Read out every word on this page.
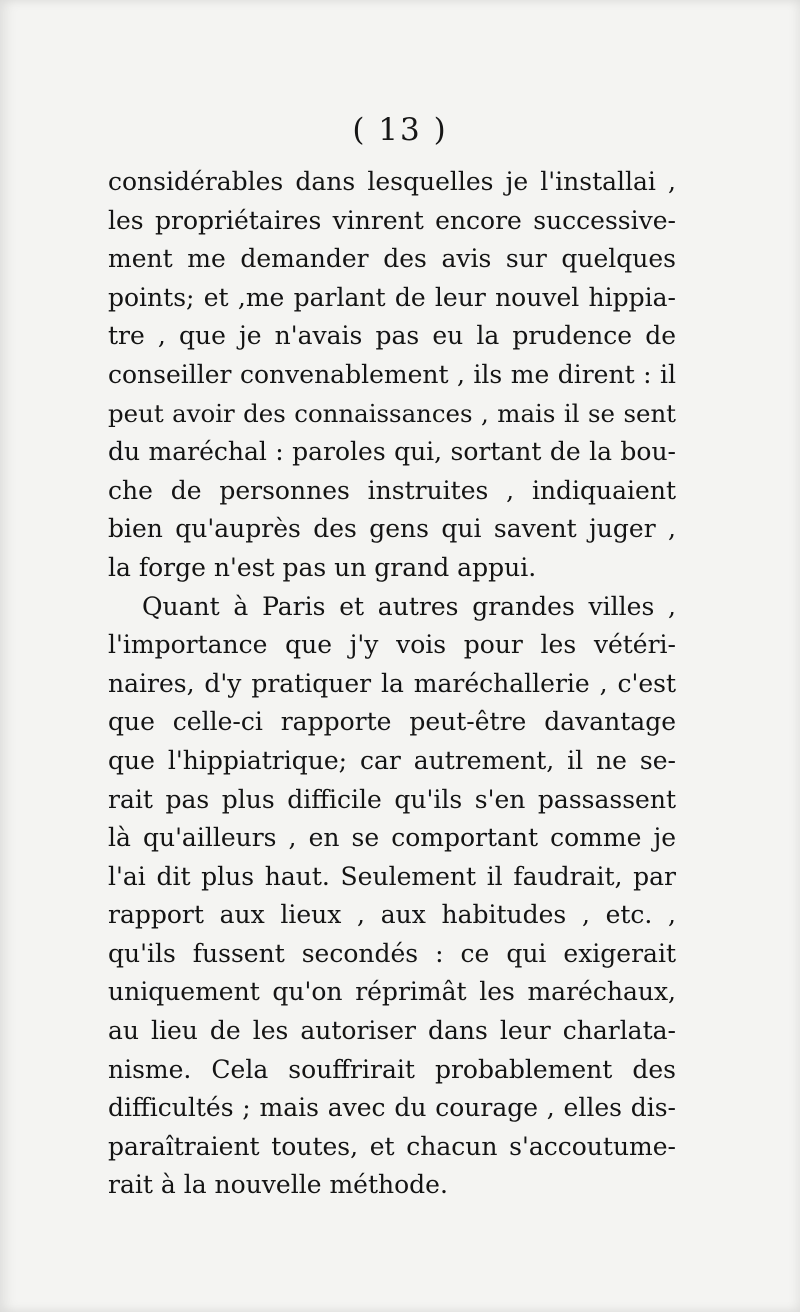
( 13 )
considérables dans lesquelles je l'installai ,
les propriétaires vinrent encore successive-
ment me demander des avis sur quelques
points; et ,me parlant de leur nouvel hippia-
tre , que je n'avais pas eu la prudence de
conseiller convenablement , ils me dirent : il
peut avoir des connaissances , mais il se sent
du maréchal : paroles qui, sortant de la bou-
che de personnes instruites , indiquaient
bien qu'auprès des gens qui savent juger ,
la forge n'est pas un grand appui.
Quant à Paris et autres grandes villes ,
l'importance que j'y vois pour les vétéri-
naires, d'y pratiquer la maréchallerie , c'est
que celle-ci rapporte peut-être davantage
que l'hippiatrique; car autrement, il ne se-
rait pas plus difficile qu'ils s'en passassent
là qu'ailleurs , en se comportant comme je
l'ai dit plus haut. Seulement il faudrait, par
rapport aux lieux , aux habitudes , etc. ,
qu'ils fussent secondés : ce qui exigerait
uniquement qu'on réprimât les maréchaux,
au lieu de les autoriser dans leur charlata-
nisme. Cela souffrirait probablement des
difficultés ; mais avec du courage , elles dis-
paraîtraient toutes, et chacun s'accoutume-
rait à la nouvelle méthode.
